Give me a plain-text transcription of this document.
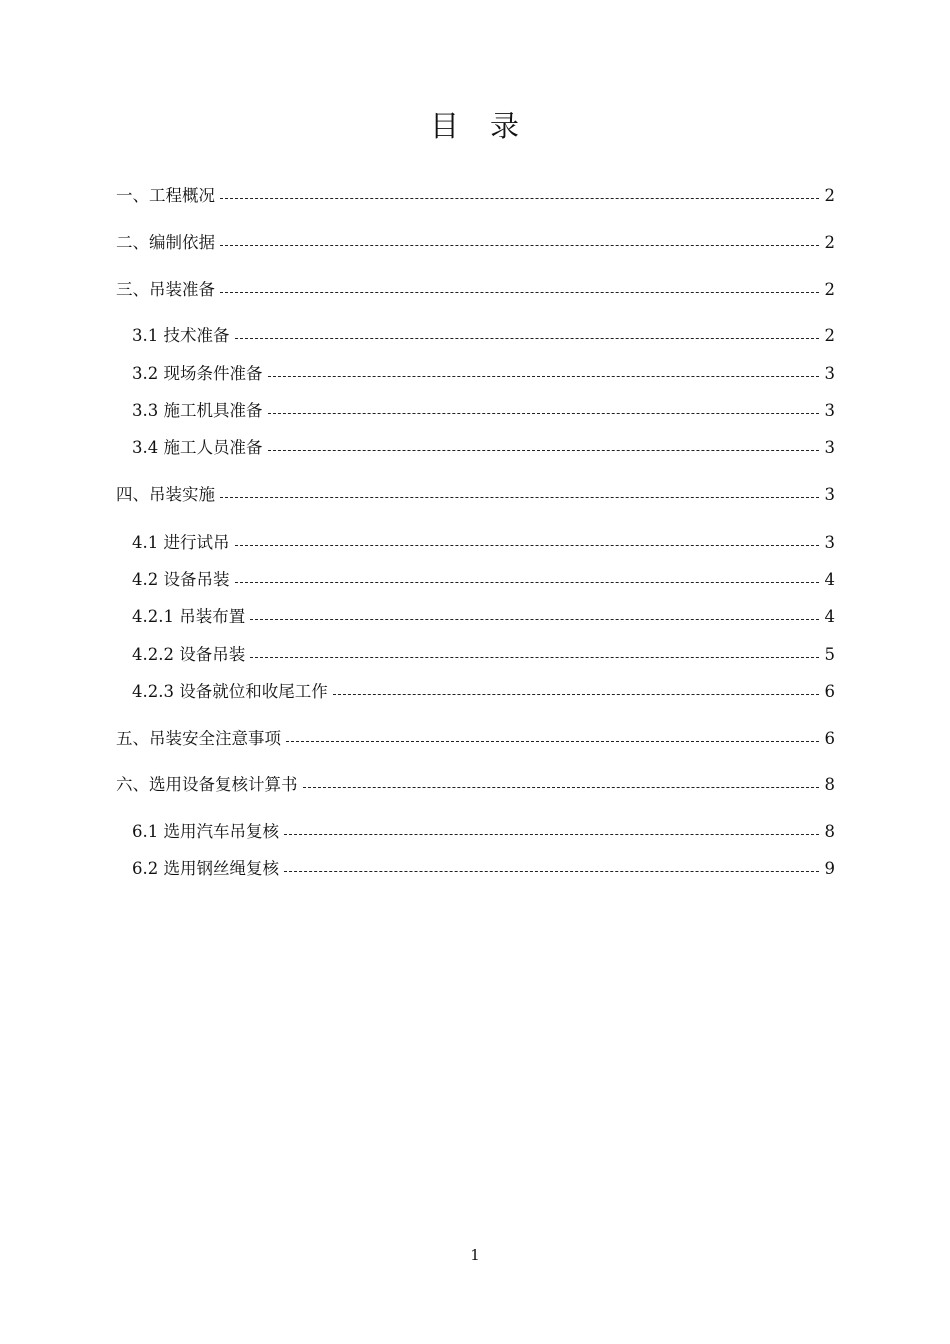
目　录
一、工程概况	2
二、编制依据	2
三、吊装准备	2
3.1 技术准备	2
3.2 现场条件准备	3
3.3 施工机具准备	3
3.4 施工人员准备	3
四、吊装实施	3
4.1 进行试吊	3
4.2 设备吊装	4
4.2.1 吊装布置	4
4.2.2 设备吊装	5
4.2.3 设备就位和收尾工作	6
五、吊装安全注意事项	6
六、选用设备复核计算书	8
6.1 选用汽车吊复核	8
6.2 选用钢丝绳复核	9
1
